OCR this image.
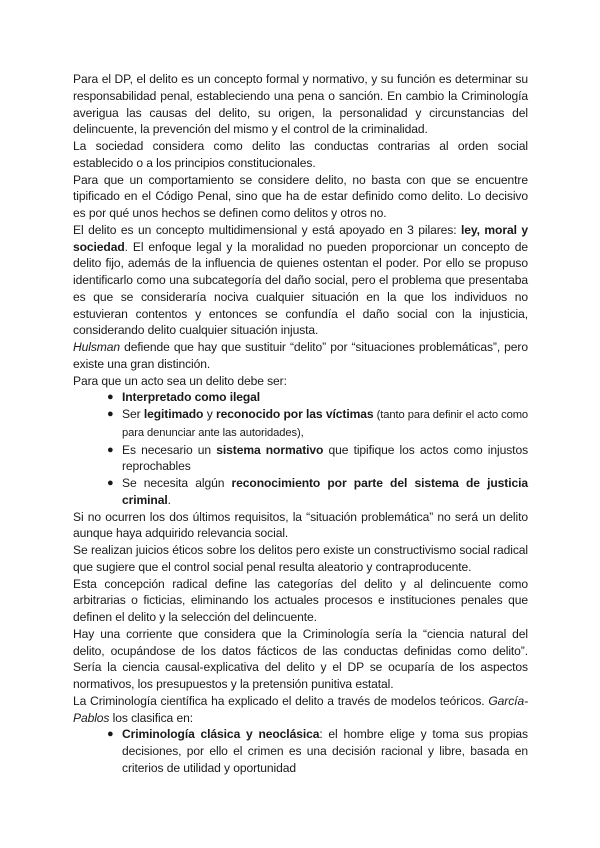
Para el DP, el delito es un concepto formal y normativo, y su función es determinar su responsabilidad penal, estableciendo una pena o sanción. En cambio la Criminología averigua las causas del delito, su origen, la personalidad y circunstancias del delincuente, la prevención del mismo y el control de la criminalidad.

La sociedad considera como delito las conductas contrarias al orden social establecido o a los principios constitucionales.

Para que un comportamiento se considere delito, no basta con que se encuentre tipificado en el Código Penal, sino que ha de estar definido como delito. Lo decisivo es por qué unos hechos se definen como delitos y otros no.

El delito es un concepto multidimensional y está apoyado en 3 pilares: ley, moral y sociedad. El enfoque legal y la moralidad no pueden proporcionar un concepto de delito fijo, además de la influencia de quienes ostentan el poder. Por ello se propuso identificarlo como una subcategoría del daño social, pero el problema que presentaba es que se consideraría nociva cualquier situación en la que los individuos no estuvieran contentos y entonces se confundía el daño social con la injusticia, considerando delito cualquier situación injusta.

Hulsman defiende que hay que sustituir “delito” por “situaciones problemáticas”, pero existe una gran distinción.

Para que un acto sea un delito debe ser:

● Interpretado como ilegal
● Ser legitimado y reconocido por las víctimas (tanto para definir el acto como para denunciar ante las autoridades),
● Es necesario un sistema normativo que tipifique los actos como injustos reprochables
● Se necesita algún reconocimiento por parte del sistema de justicia criminal.

Si no ocurren los dos últimos requisitos, la “situación problemática” no será un delito aunque haya adquirido relevancia social.

Se realizan juicios éticos sobre los delitos pero existe un constructivismo social radical que sugiere que el control social penal resulta aleatorio y contraproducente.

Esta concepción radical define las categorías del delito y al delincuente como arbitrarias o ficticias, eliminando los actuales procesos e instituciones penales que definen el delito y la selección del delincuente.

Hay una corriente que considera que la Criminología sería la “ciencia natural del delito, ocupándose de los datos fácticos de las conductas definidas como delito”. Sería la ciencia causal-explicativa del delito y el DP se ocuparía de los aspectos normativos, los presupuestos y la pretensión punitiva estatal.

La Criminología científica ha explicado el delito a través de modelos teóricos. García-Pablos los clasifica en:

● Criminología clásica y neoclásica: el hombre elige y toma sus propias decisiones, por ello el crimen es una decisión racional y libre, basada en criterios de utilidad y oportunidad
